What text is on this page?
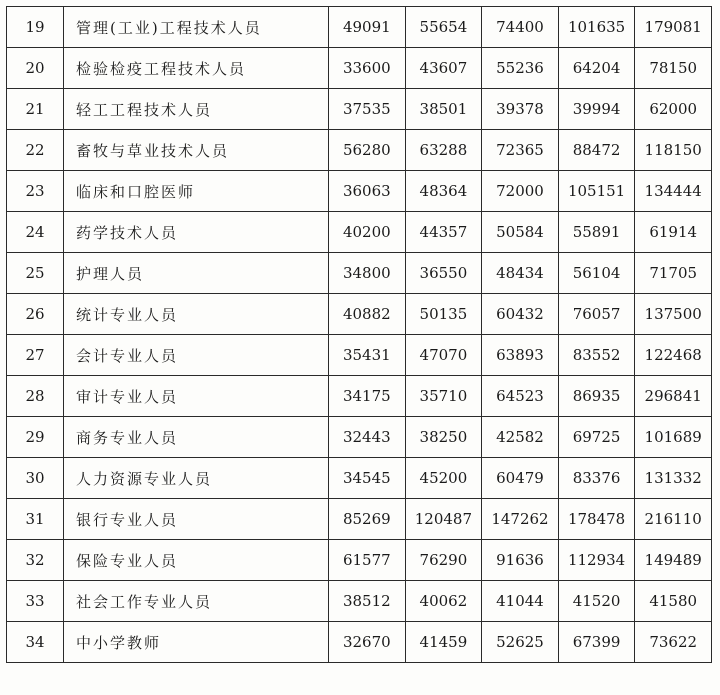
19	管理(工业)工程技术人员	49091	55654	74400	101635	179081
20	检验检疫工程技术人员	33600	43607	55236	64204	78150
21	轻工工程技术人员	37535	38501	39378	39994	62000
22	畜牧与草业技术人员	56280	63288	72365	88472	118150
23	临床和口腔医师	36063	48364	72000	105151	134444
24	药学技术人员	40200	44357	50584	55891	61914
25	护理人员	34800	36550	48434	56104	71705
26	统计专业人员	40882	50135	60432	76057	137500
27	会计专业人员	35431	47070	63893	83552	122468
28	审计专业人员	34175	35710	64523	86935	296841
29	商务专业人员	32443	38250	42582	69725	101689
30	人力资源专业人员	34545	45200	60479	83376	131332
31	银行专业人员	85269	120487	147262	178478	216110
32	保险专业人员	61577	76290	91636	112934	149489
33	社会工作专业人员	38512	40062	41044	41520	41580
34	中小学教师	32670	41459	52625	67399	73622
